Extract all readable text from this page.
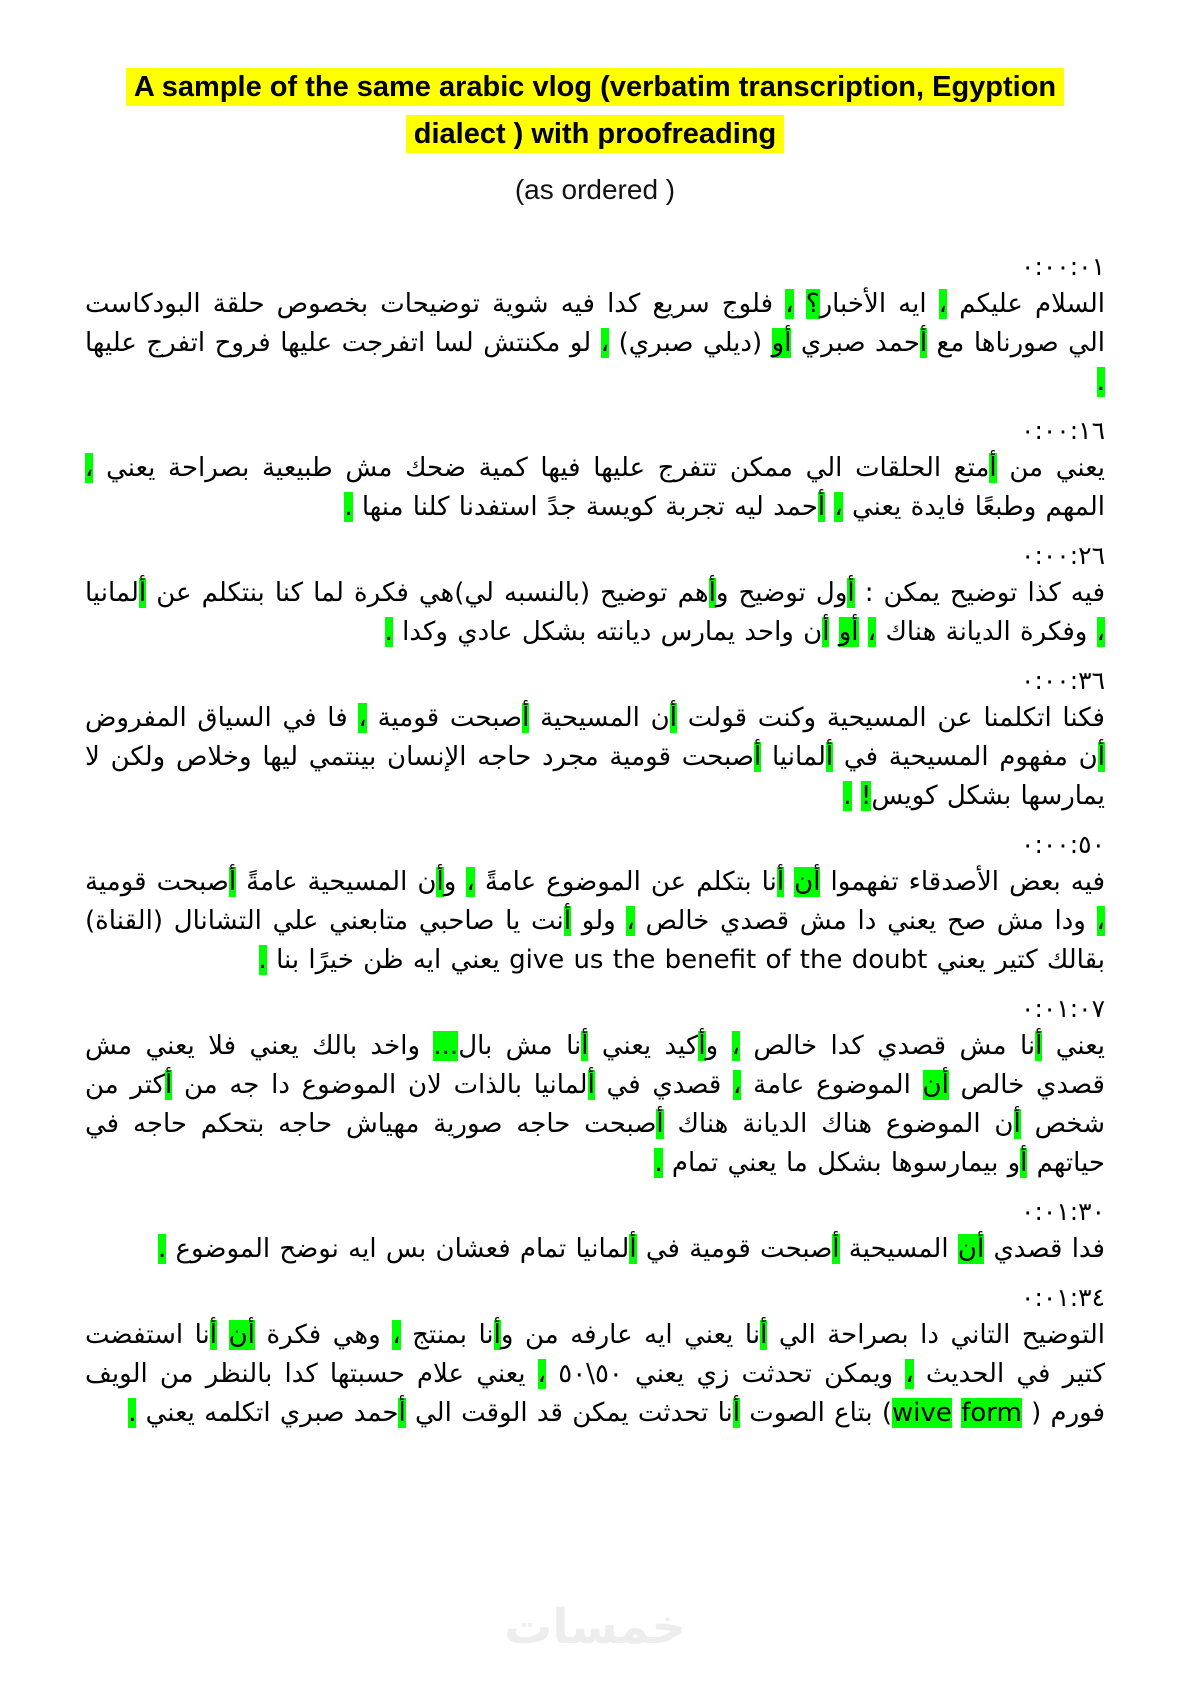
A sample of the same arabic vlog (verbatim transcription, Egyption
dialect ) with proofreading
(as ordered )
٠:٠٠:٠١

السلام عليكم ، ايه الخبار؟ ، فلوج سريع كدا فيه شوية توضيحات بخصوص حلقة البودكاست الي صورناها مع أحمد صبري أو (ديلي صبري) ، لو مكنتش لسا اتفرجت عليها فروح اتفرج عليها .

٠:٠٠:١٦

يعني من أمتع الحلقات الي ممكن تتفرج عليها فيها كمية ضحك مش طبيعية بصراحة يعني ، المهم وطبعًا فايدة يعني ، أحمد ليه تجربة كويسة جدً استفدنا كلنا منها .

٠:٠٠:٢٦

فيه كذا توضيح يمكن : أول توضيح وأهم توضيح (بالنسبه لي)هي فكرة لما كنا بنتكلم عن ألمانيا ، وفكرة الديانة هناك ، أو أن واحد يمارس ديانته بشكل عادي وكدا .

٠:٠٠:٣٦

فكنا اتكلمنا عن المسيحية وكنت قولت أن المسيحية أصبحت قومية ، فا في السياق المفروض أن مفهوم المسيحية في ألمانيا أصبحت قومية مجرد حاجه النسان بينتمي ليها وخلاص ولكن لا يمارسها بشكل كويس! .

٠:٠٠:٥٠

فيه بعض الصدقاء تفهموا أن أنا بتكلم عن الموضوع عامةً ، وأن المسيحية عامةً أصبحت قومية ، ودا مش صح يعني دا مش قصدي خالص ، ولو أنت يا صاحبي متابعني علي التشانال (القناة) بقالك كتير يعني give us the benefit of the doubt يعني ايه ظن خيرًا بنا .

٠:٠١:٠٧

يعني أنا مش قصدي كدا خالص ، وأكيد يعني أنا مش بال... واخد بالك يعني فلا يعني مش قصدي خالص أن الموضوع عامة ، قصدي في ألمانيا بالذات لان الموضوع دا جه من أكتر من شخص أن الموضوع هناك الديانة هناك أصبحت حاجه صورية مهياش حاجه بتحكم حاجه في حياتهم أو بيمارسوها بشكل ما يعني تمام .

٠:٠١:٣٠

فدا قصدي أن المسيحية أصبحت قومية في ألمانيا تمام فعشان بس ايه نوضح الموضوع .

٠:٠١:٣٤

التوضيح التاني دا بصراحة الي أنا يعني ايه عارفه من وأنا بمنتج ، وهي فكرة أن أنا استفضت كتير في الحديث ، ويمكن تحدثت زي يعني ٥٠\٥٠ ، يعني علام حسبتها كدا بالنظر من الويف فورم ( wive form) بتاع الصوت أنا تحدثت يمكن قد الوقت الي أحمد صبري اتكلمه يعني .

خمسات
